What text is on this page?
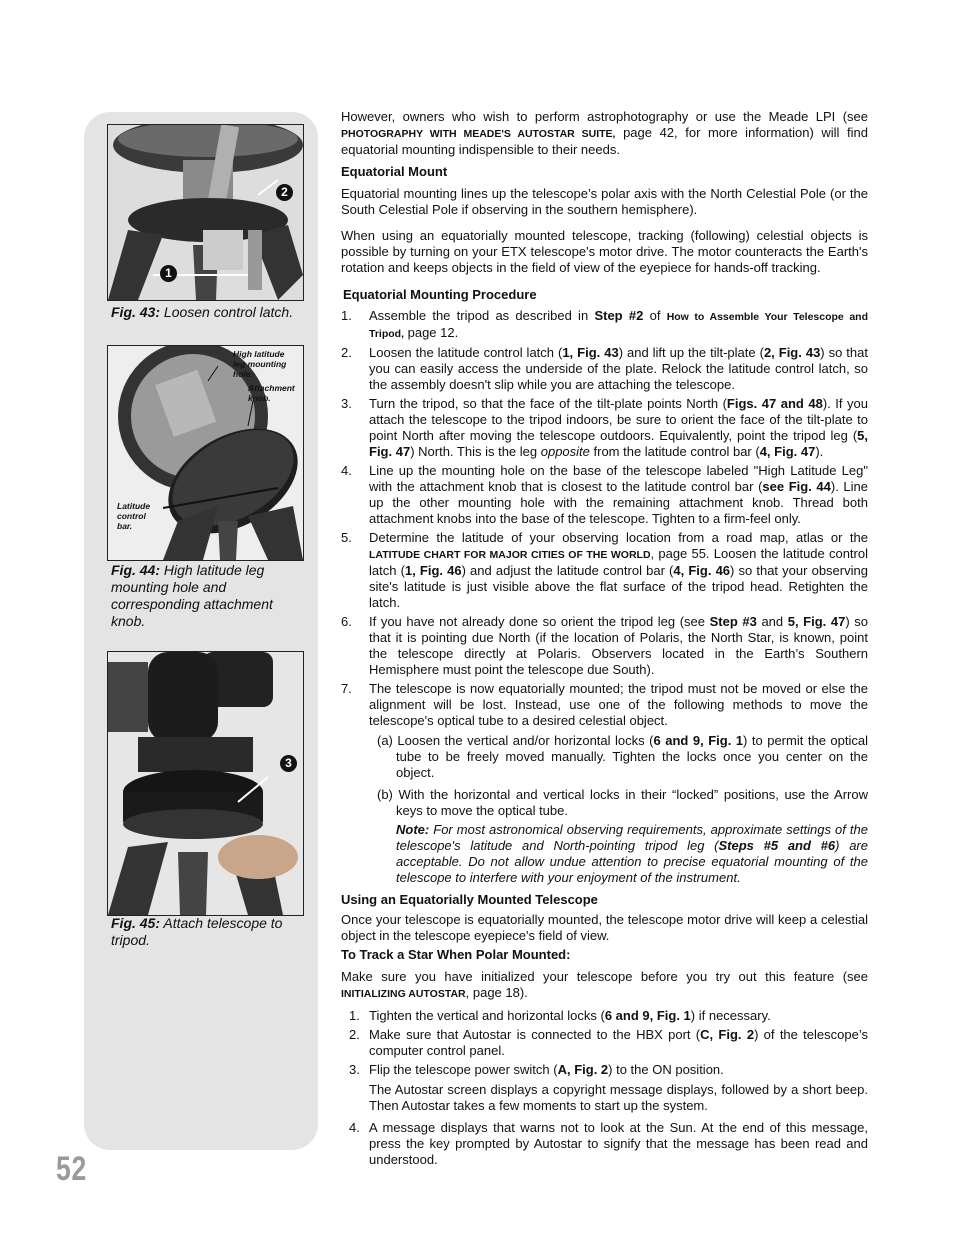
2
1
Fig. 43: Loosen control latch.
High latitude leg mounting hole.
Attachment knob.
Latitude control bar.
Fig. 44: High latitude leg mounting hole and corresponding attachment knob.
3
Fig. 45: Attach telescope to tripod.

However, owners who wish to perform astrophotography or use the Meade LPI (see PHOTOGRAPHY WITH MEADE'S AUTOSTAR SUITE, page 42, for more information) will find equatorial mounting indispensible to their needs.

Equatorial Mount

Equatorial mounting lines up the telescope’s polar axis with the North Celestial Pole (or the South Celestial Pole if observing in the southern hemisphere).

When using an equatorially mounted telescope, tracking (following) celestial objects is possible by turning on your ETX telescope's motor drive. The motor counteracts the Earth's rotation and keeps objects in the field of view of the eyepiece for hands-off tracking.

Equatorial Mounting Procedure

1. Assemble the tripod as described in Step #2 of How to Assemble Your Telescope and Tripod, page 12.
2. Loosen the latitude control latch (1, Fig. 43) and lift up the tilt-plate (2, Fig. 43) so that you can easily access the underside of the plate. Relock the latitude control latch, so the assembly doesn't slip while you are attaching the telescope.
3. Turn the tripod, so that the face of the tilt-plate points North (Figs. 47 and 48). If you attach the telescope to the tripod indoors, be sure to orient the face of the tilt-plate to point North after moving the telescope outdoors. Equivalently, point the tripod leg (5, Fig. 47) North. This is the leg opposite from the latitude control bar (4, Fig. 47).
4. Line up the mounting hole on the base of the telescope labeled "High Latitude Leg" with the attachment knob that is closest to the latitude control bar (see Fig. 44). Line up the other mounting hole with the remaining attachment knob. Thread both attachment knobs into the base of the telescope. Tighten to a firm-feel only.
5. Determine the latitude of your observing location from a road map, atlas or the LATITUDE CHART FOR MAJOR CITIES OF THE WORLD, page 55. Loosen the latitude control latch (1, Fig. 46) and adjust the latitude control bar (4, Fig. 46) so that your observing site's latitude is just visible above the flat surface of the tripod head. Retighten the latch.
6. If you have not already done so orient the tripod leg (see Step #3 and 5, Fig. 47) so that it is pointing due North (if the location of Polaris, the North Star, is known, point the telescope directly at Polaris. Observers located in the Earth’s Southern Hemisphere must point the telescope due South).
7. The telescope is now equatorially mounted; the tripod must not be moved or else the alignment will be lost. Instead, use one of the following methods to move the telescope's optical tube to a desired celestial object.

(a) Loosen the vertical and/or horizontal locks (6 and 9, Fig. 1) to permit the optical tube to be freely moved manually. Tighten the locks once you center on the object.

(b) With the horizontal and vertical locks in their “locked” positions, use the Arrow keys to move the optical tube.

Note: For most astronomical observing requirements, approximate settings of the telescope's latitude and North-pointing tripod leg (Steps #5 and #6) are acceptable. Do not allow undue attention to precise equatorial mounting of the telescope to interfere with your enjoyment of the instrument.

Using an Equatorially Mounted Telescope

Once your telescope is equatorially mounted, the telescope motor drive will keep a celestial object in the telescope eyepiece's field of view.

To Track a Star When Polar Mounted:

Make sure you have initialized your telescope before you try out this feature (see INITIALIZING AUTOSTAR, page 18).

1. Tighten the vertical and horizontal locks (6 and 9, Fig. 1) if necessary.
2. Make sure that Autostar is connected to the HBX port (C, Fig. 2) of the telescope’s computer control panel.
3. Flip the telescope power switch (A, Fig. 2) to the ON position.

The Autostar screen displays a copyright message displays, followed by a short beep. Then Autostar takes a few moments to start up the system.

4. A message displays that warns not to look at the Sun. At the end of this message, press the key prompted by Autostar to signify that the message has been read and understood.
52
